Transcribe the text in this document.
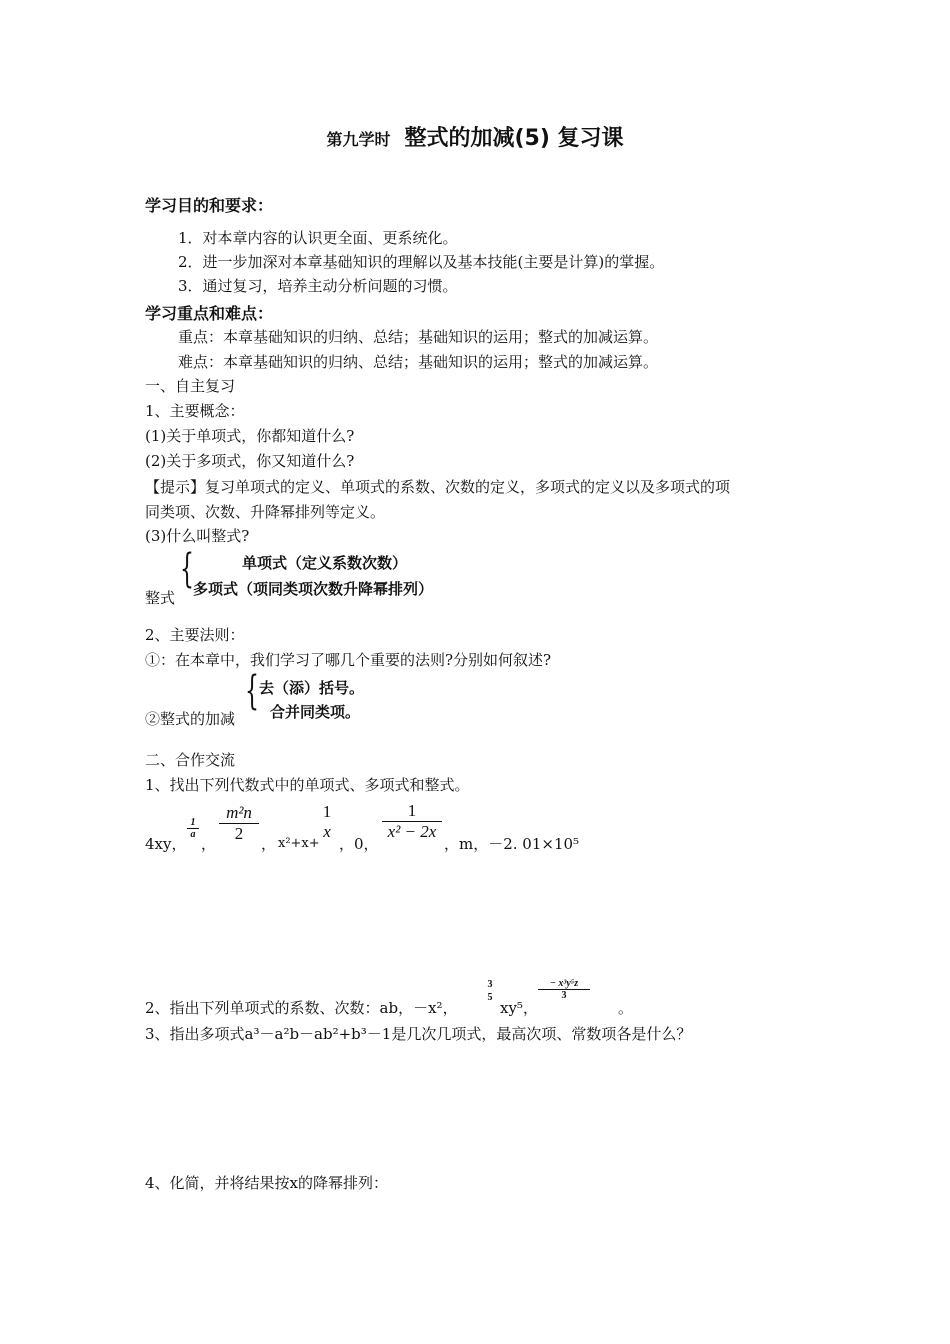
第九学时 整式的加减(5) 复习课
学习目的和要求：
1．对本章内容的认识更全面、更系统化。
2．进一步加深对本章基础知识的理解以及基本技能(主要是计算)的掌握。
3．通过复习，培养主动分析问题的习惯。
学习重点和难点：
重点：本章基础知识的归纳、总结；基础知识的运用；整式的加减运算。
难点：本章基础知识的归纳、总结；基础知识的运用；整式的加减运算。
一、自主复习
1、主要概念：
(1)关于单项式，你都知道什么?
(2)关于多项式，你又知道什么?
【提示】复习单项式的定义、单项式的系数、次数的定义，多项式的定义以及多项式的项
同类项、次数、升降幂排列等定义。
(3)什么叫整式?
整式
{	单项式（定义系数次数）
多项式（项同类项次数升降幂排列）
2、主要法则：
①：在本章中，我们学习了哪几个重要的法则?分别如何叙述?
②整式的加减
{ 去（添）括号。
合并同类项。
二、合作交流
1、找出下列代数式中的单项式、多项式和整式。
4xy，
1
a
，
m²n
2
， x²+x+
1
x
，0，
1
x² − 2x
，m，－2. 01×10⁵
2、指出下列单项式的系数、次数：ab，－x²，
3
5
xy⁵，
− x³y⁵z
3
。
3、指出多项式a³－a²b－ab²+b³－1是几次几项式，最高次项、常数项各是什么？
4、化简，并将结果按x的降幂排列：
